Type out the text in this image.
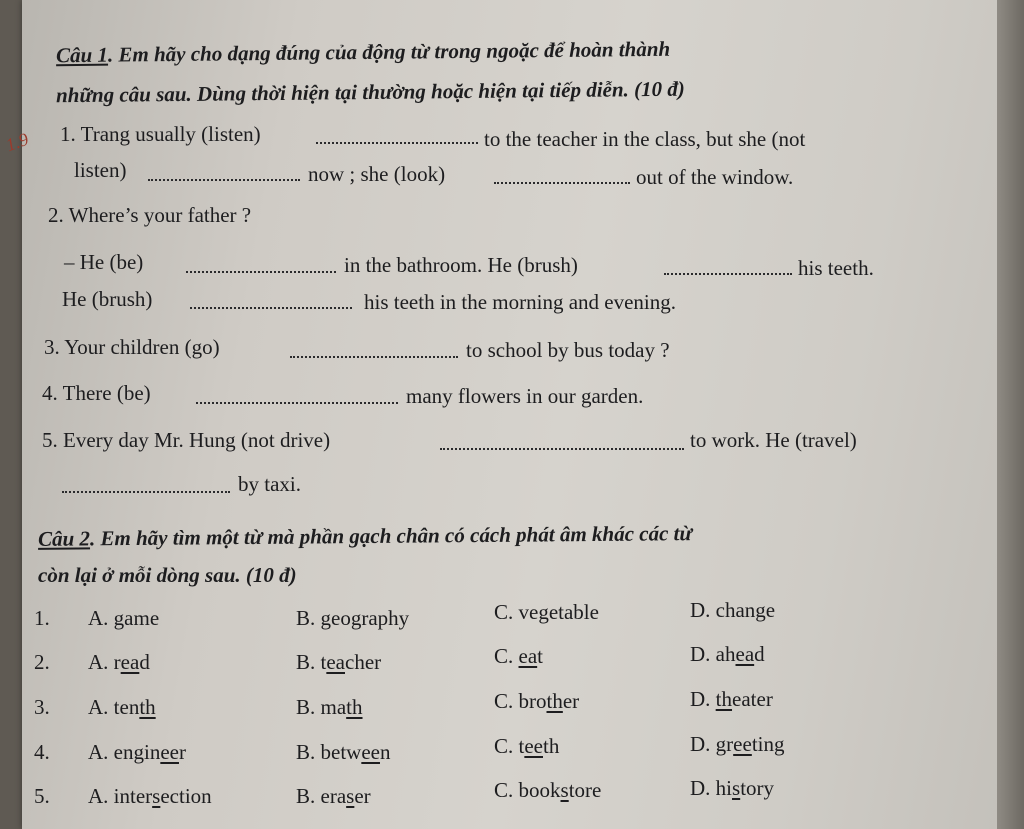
1.9
Câu 1. Em hãy cho dạng đúng của động từ trong ngoặc để hoàn thành
những câu sau. Dùng thời hiện tại thường hoặc hiện tại tiếp diễn. (10 đ)
1. Trang usually (listen)	to the teacher in the class, but she (not
listen)	now ; she (look)	out of the window.
2. Where’s your father ?
– He (be)	in the bathroom. He (brush)	his teeth.
He (brush)	his teeth in the morning and evening.
3. Your children (go)	to school by bus today ?
4. There (be)	many flowers in our garden.
5. Every day Mr. Hung (not drive)	to work. He (travel)
by taxi.
Câu 2. Em hãy tìm một từ mà phần gạch chân có cách phát âm khác các từ
còn lại ở mỗi dòng sau. (10 đ)
1. A. game	B. geography	C. vegetable	D. change
2. A. read	B. teacher	C. eat	D. ahead
3. A. tenth	B. math	C. brother	D. theater
4. A. engineer	B. between	C. teeth	D. greeting
5. A. intersection	B. eraser	C. bookstore	D. history
